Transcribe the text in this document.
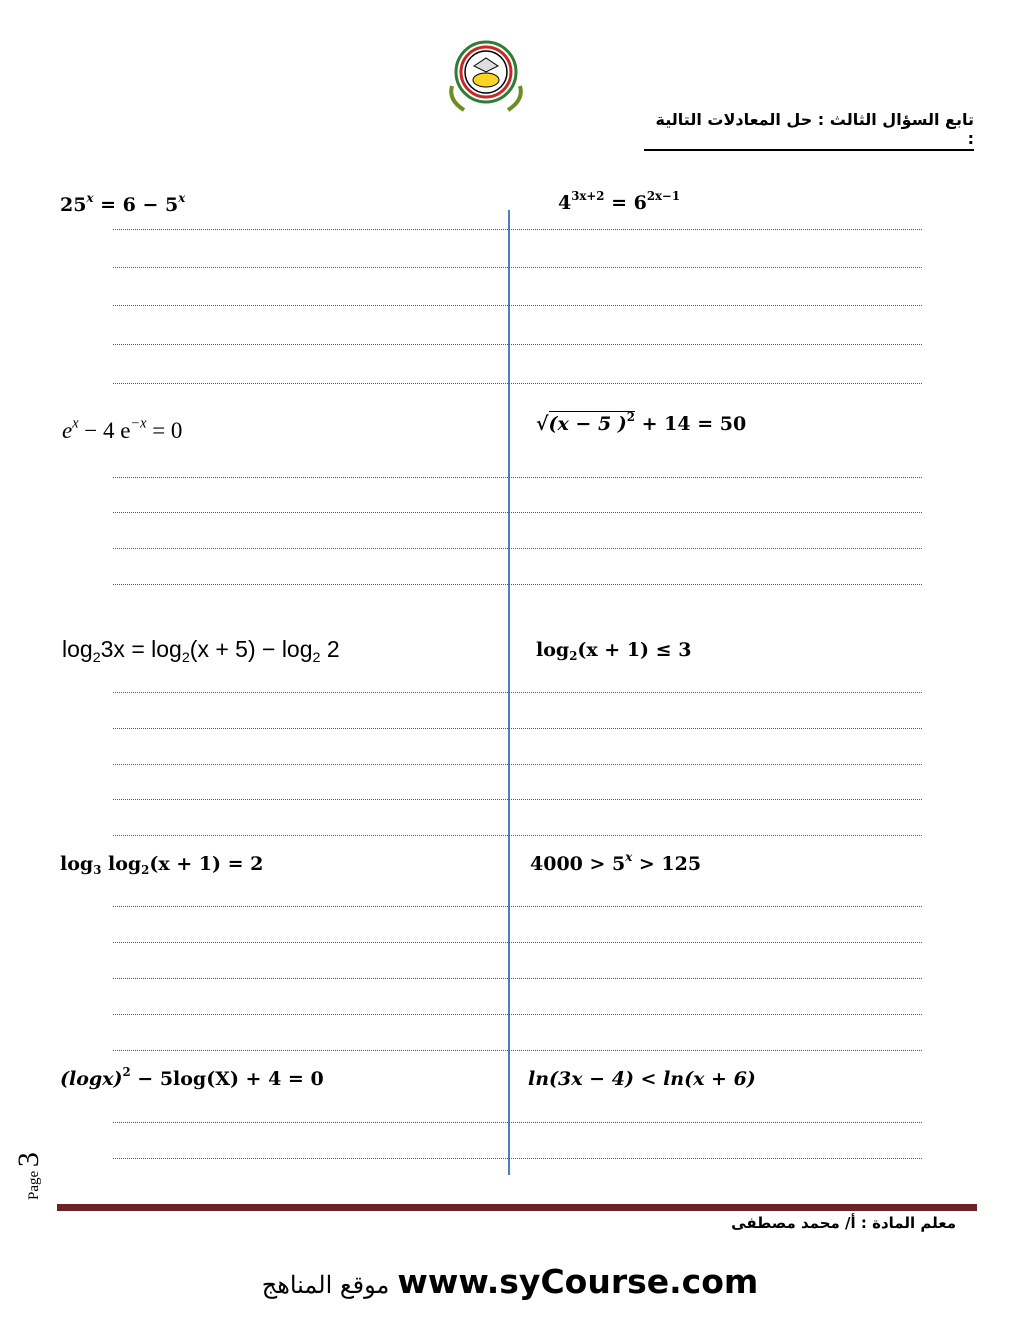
تابع السؤال الثالث : حل المعادلات التالية :
$25^x = 6 - 5^x$
$e^x - 4$ $e^{-x} = 0$
$\log_23x = \log_2(x + 5) - \log_2 2$
$\log_3 \log_2(x + 1) = 2$
$(\log x)^2 - 5\log(X) + 4 = 0$
$4^{3x+2} = 6^{2x-1}$
√(x − 5 )$^2$ + 14 = 50
$\log_2(x + 1) \le 3$
$4000 > 5^x > 125$
ln(3x − 4) < ln(x + 6)
Page 3
معلم المادة : أ/ محمد مصطفى
موقع المناهج www.syCourse.com
